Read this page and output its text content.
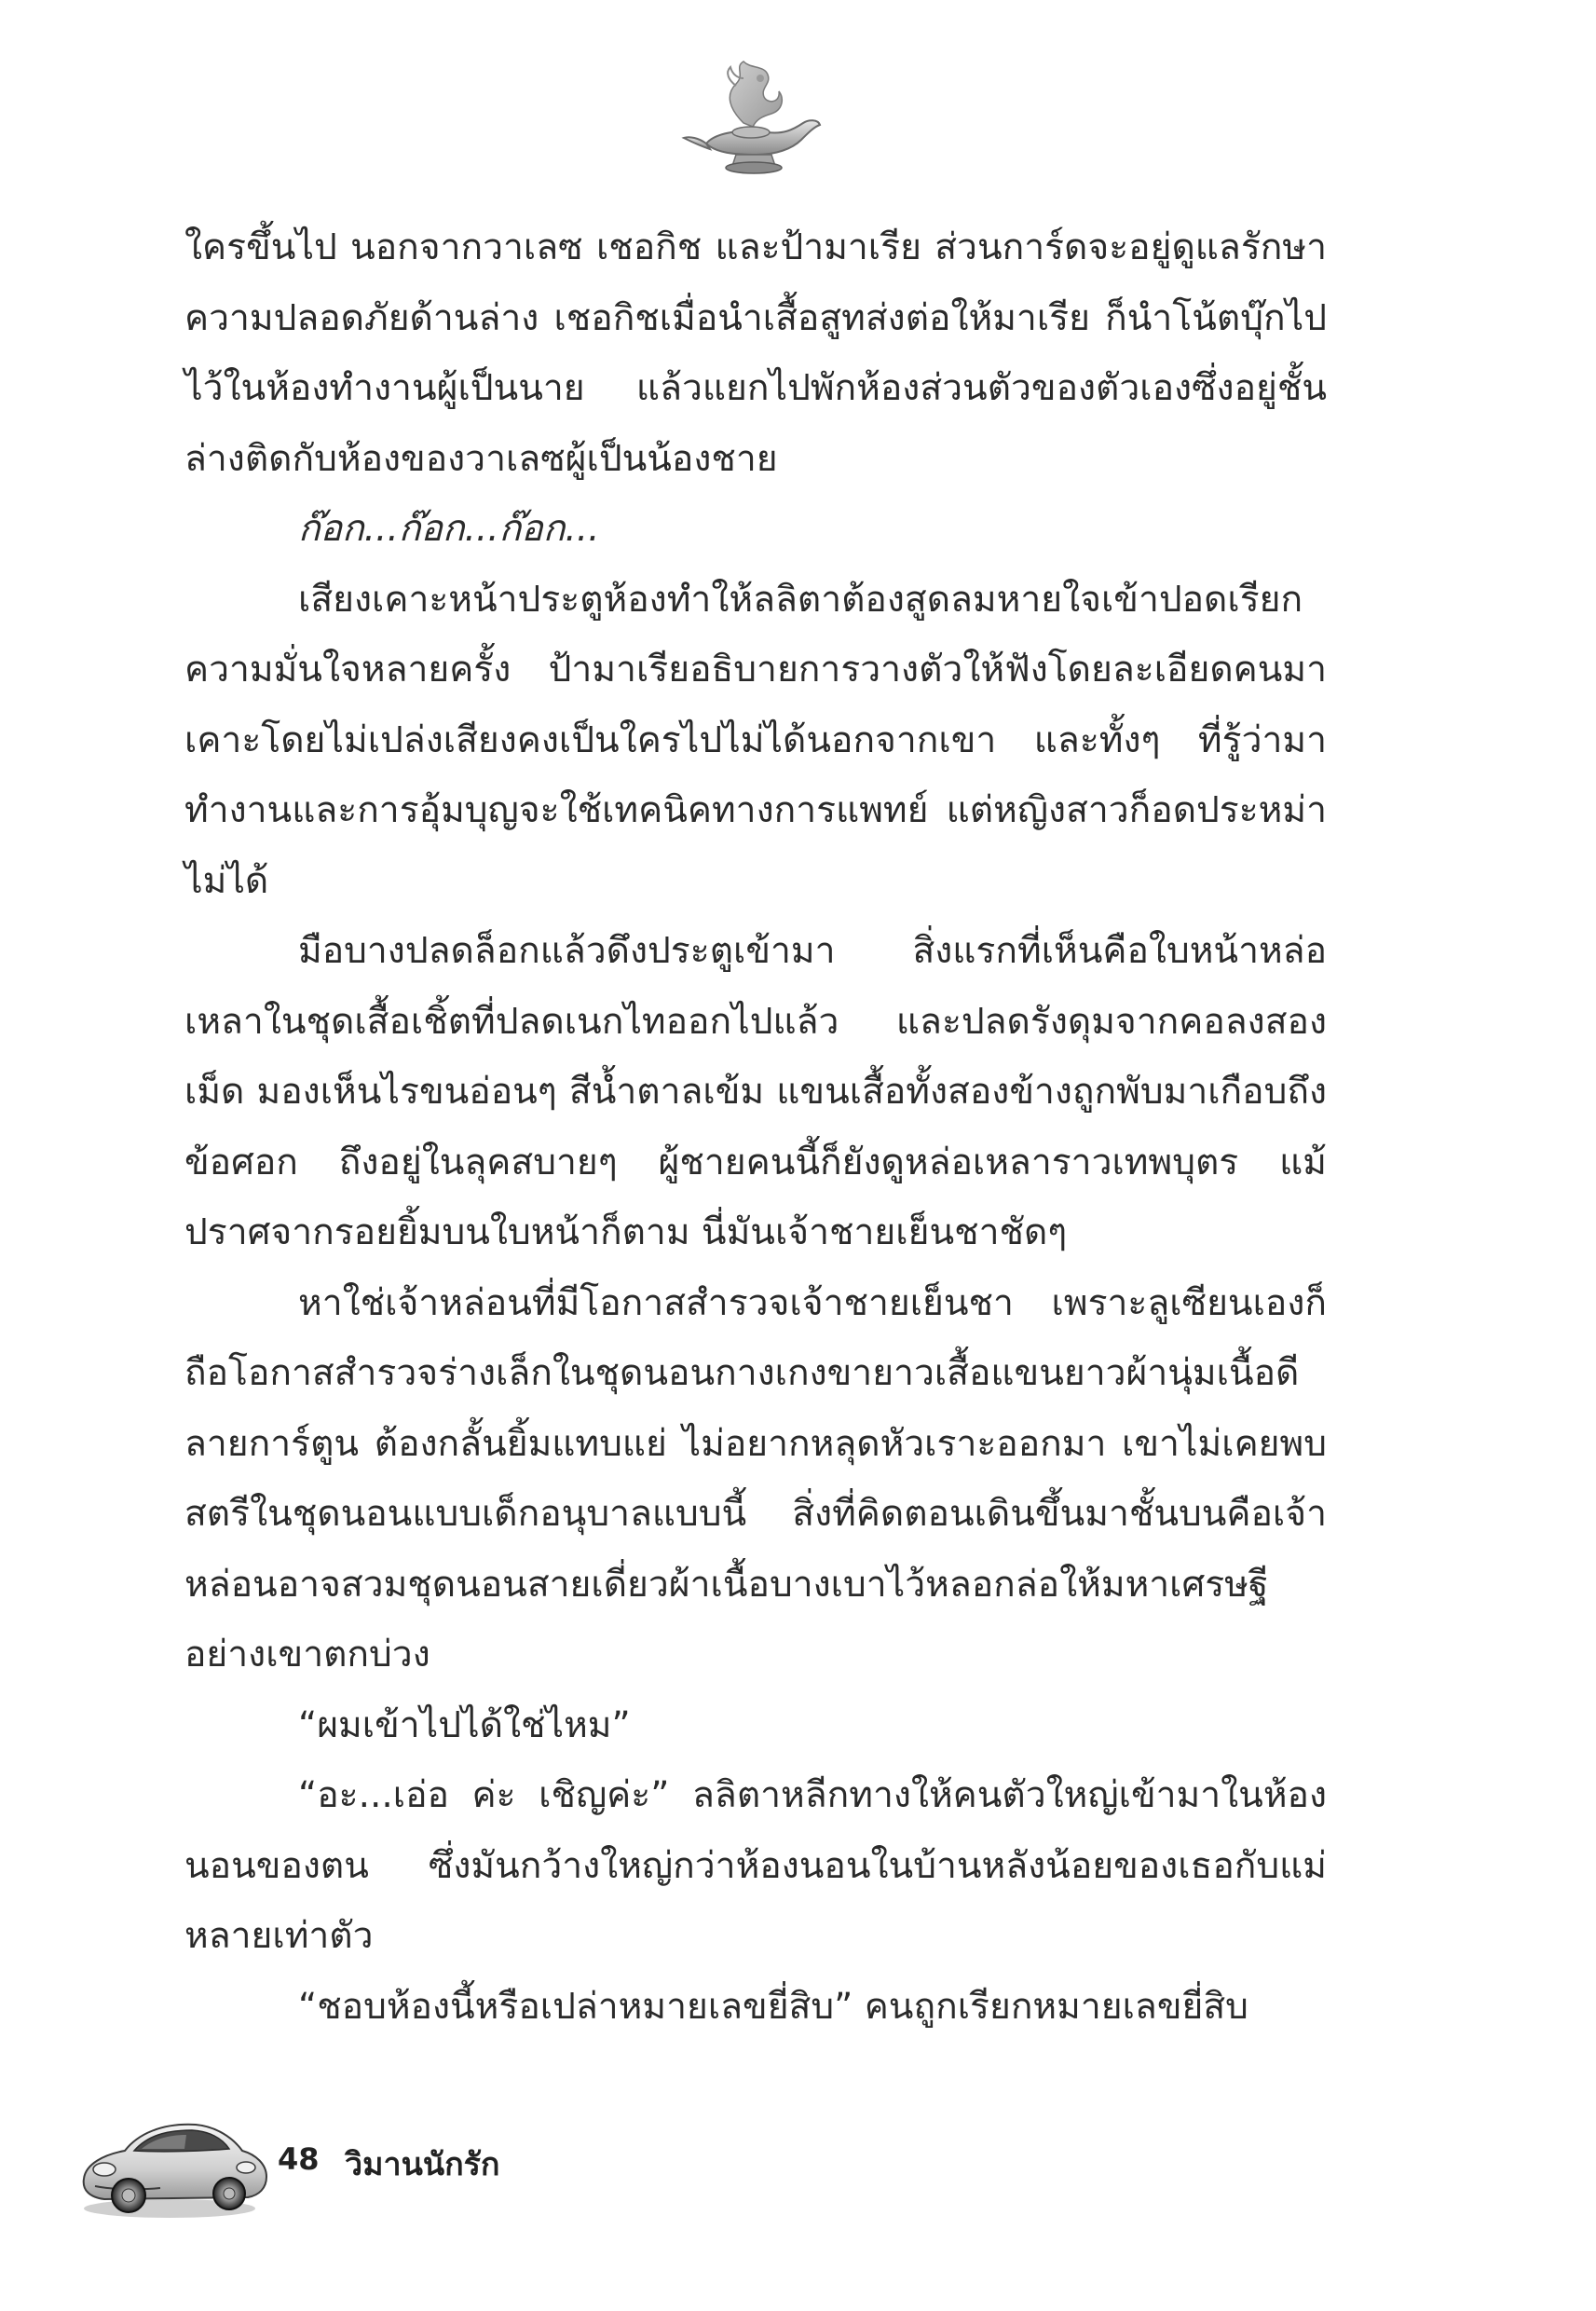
ใครขึ้นไป นอกจากวาเลซ เชอกิช และป้ามาเรีย ส่วนการ์ดจะอยู่ดูแลรักษาความปลอดภัยด้านล่าง เชอกิชเมื่อนำเสื้อสูทส่งต่อให้มาเรีย ก็นำโน้ตบุ๊กไปไว้ในห้องทำงานผู้เป็นนาย แล้วแยกไปพักห้องส่วนตัวของตัวเองซึ่งอยู่ชั้นล่างติดกับห้องของวาเลซผู้เป็นน้องชาย

ก๊อก...ก๊อก...ก๊อก...

เสียงเคาะหน้าประตูห้องทำให้ลลิตาต้องสูดลมหายใจเข้าปอดเรียกความมั่นใจหลายครั้ง ป้ามาเรียอธิบายการวางตัวให้ฟังโดยละเอียดคนมาเคาะโดยไม่เปล่งเสียงคงเป็นใครไปไม่ได้นอกจากเขา และทั้งๆ ที่รู้ว่ามาทำงานและการอุ้มบุญจะใช้เทคนิคทางการแพทย์ แต่หญิงสาวก็อดประหม่าไม่ได้

มือบางปลดล็อกแล้วดึงประตูเข้ามา สิ่งแรกที่เห็นคือใบหน้าหล่อเหลาในชุดเสื้อเชิ้ตที่ปลดเนกไทออกไปแล้ว และปลดรังดุมจากคอลงสองเม็ด มองเห็นไรขนอ่อนๆ สีน้ำตาลเข้ม แขนเสื้อทั้งสองข้างถูกพับมาเกือบถึงข้อศอก ถึงอยู่ในลุคสบายๆ ผู้ชายคนนี้ก็ยังดูหล่อเหลาราวเทพบุตร แม้ปราศจากรอยยิ้มบนใบหน้าก็ตาม นี่มันเจ้าชายเย็นชาชัดๆ

หาใช่เจ้าหล่อนที่มีโอกาสสำรวจเจ้าชายเย็นชา เพราะลูเซียนเองก็ถือโอกาสสำรวจร่างเล็กในชุดนอนกางเกงขายาวเสื้อแขนยาวผ้านุ่มเนื้อดีลายการ์ตูน ต้องกลั้นยิ้มแทบแย่ ไม่อยากหลุดหัวเราะออกมา เขาไม่เคยพบสตรีในชุดนอนแบบเด็กอนุบาลแบบนี้ สิ่งที่คิดตอนเดินขึ้นมาชั้นบนคือเจ้าหล่อนอาจสวมชุดนอนสายเดี่ยวผ้าเนื้อบางเบาไว้หลอกล่อให้มหาเศรษฐีอย่างเขาตกบ่วง

“ผมเข้าไปได้ใช่ไหม”

“อะ...เอ่อ ค่ะ เชิญค่ะ” ลลิตาหลีกทางให้คนตัวใหญ่เข้ามาในห้องนอนของตน ซึ่งมันกว้างใหญ่กว่าห้องนอนในบ้านหลังน้อยของเธอกับแม่หลายเท่าตัว

“ชอบห้องนี้หรือเปล่าหมายเลขยี่สิบ” คนถูกเรียกหมายเลขยี่สิบ

48 วิมานนักรัก
